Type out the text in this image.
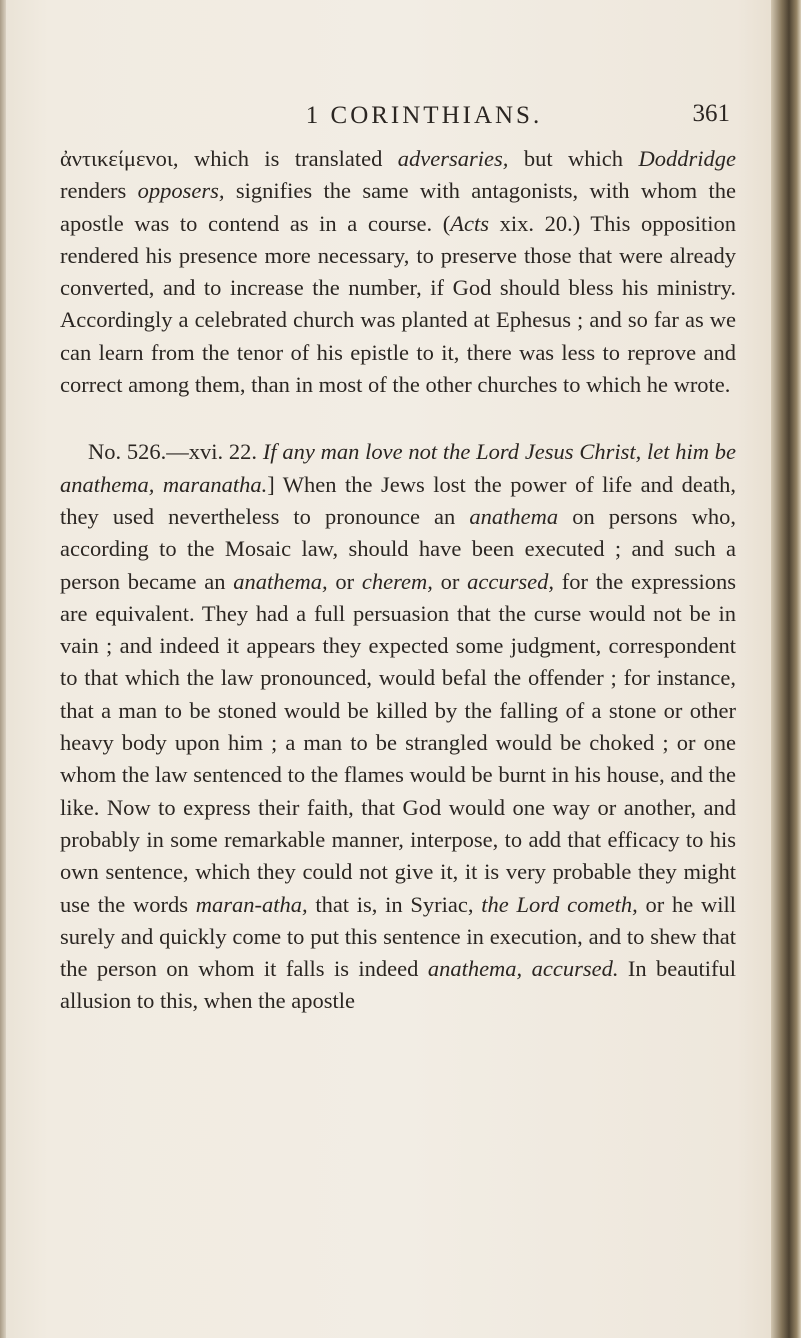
1 CORINTHIANS.	361

ἀντικείμενοι, which is translated adversaries, but which Doddridge renders opposers, signifies the same with antagonists, with whom the apostle was to contend as in a course. (Acts xix. 20.) This opposition rendered his presence more necessary, to preserve those that were already converted, and to increase the number, if God should bless his ministry. Accordingly a celebrated church was planted at Ephesus ; and so far as we can learn from the tenor of his epistle to it, there was less to reprove and correct among them, than in most of the other churches to which he wrote.

No. 526.—xvi. 22. If any man love not the Lord Jesus Christ, let him be anathema, maranatha.] When the Jews lost the power of life and death, they used nevertheless to pronounce an anathema on persons who, according to the Mosaic law, should have been executed ; and such a person became an anathema, or cherem, or accursed, for the expressions are equivalent. They had a full persuasion that the curse would not be in vain ; and indeed it appears they expected some judgment, correspondent to that which the law pronounced, would befal the offender ; for instance, that a man to be stoned would be killed by the falling of a stone or other heavy body upon him ; a man to be strangled would be choked ; or one whom the law sentenced to the flames would be burnt in his house, and the like. Now to express their faith, that God would one way or another, and probably in some remarkable manner, interpose, to add that efficacy to his own sentence, which they could not give it, it is very probable they might use the words maran-atha, that is, in Syriac, the Lord cometh, or he will surely and quickly come to put this sentence in execution, and to shew that the person on whom it falls is indeed anathema, accursed. In beautiful allusion to this, when the apostle
